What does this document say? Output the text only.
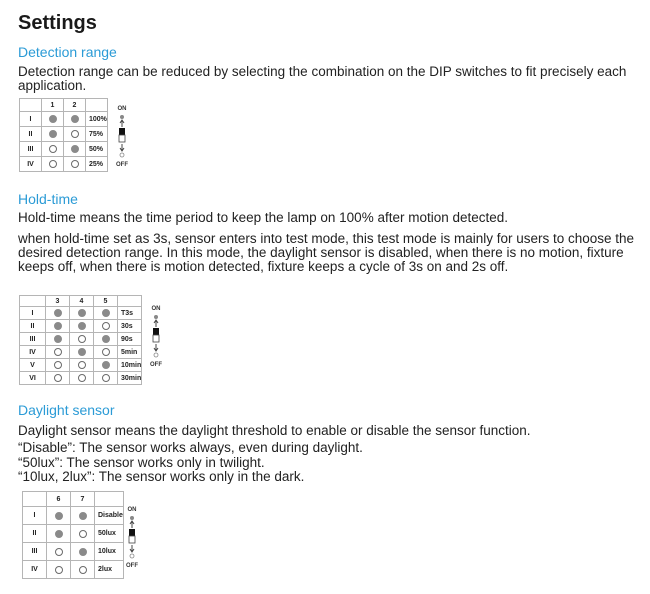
Settings
Detection range
Detection range can be reduced by selecting the combination on the DIP switches to fit precisely each application.
	1	2	
I			100%
II			75%
III			50%
IV			25%
ON
OFF
Hold-time
Hold-time means the time period to keep the lamp on 100% after motion detected.
when hold-time set as 3s, sensor enters into test mode, this test mode is mainly for users to choose the desired detection range. In this mode, the daylight sensor is disabled, when there is no motion, fixture keeps off, when there is motion detected, fixture keeps a cycle of 3s on and 2s off.
	3	4	5	
I				T3s
II				30s
III				90s
IV				5min
V				10min
VI				30min
ON
OFF
Daylight sensor
Daylight sensor means the daylight threshold to enable or disable the sensor function.
“Disable”: The sensor works always, even during daylight.
“50lux”: The sensor works only in twilight.
“10lux, 2lux”: The sensor works only in the dark.
	6	7	
I			Disable
II			50lux
III			10lux
IV			2lux
ON
OFF
